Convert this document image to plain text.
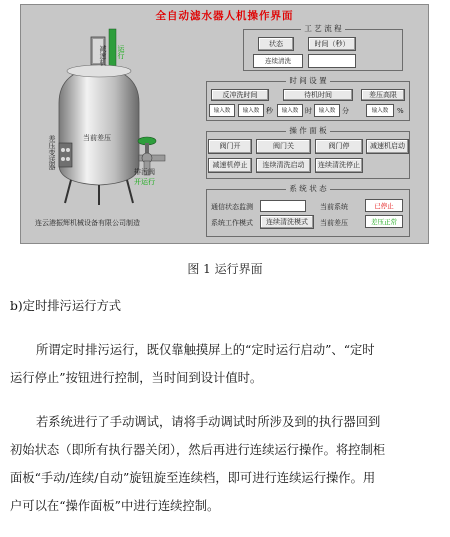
全自动滤水器人机操作界面
减速机 运行
差压变送器	当前差压
排污阀
开运行
连云港振辉机械设备有限公司制造
工 艺 流 程
状态	时间（秒）
连续清洗
时 间 设 置
反冲洗时间	待机时间	差压高限
输入数	输入数 秒	输入数 时	输入数 分	输入数	%
操 作 面 板
阀门开	阀门关	阀门停	减速机启动
减速机停止	连续清洗启动	连续清洗停止
系 统 状 态
通信状态监测	当前系统	已停止
系统工作模式	连续清洗模式	当前差压	差压正常
图 1 运行界面
b)定时排污运行方式
所谓定时排污运行，既仅靠触摸屏上的“定时运行启动”、“定时
运行停止”按钮进行控制，当时间到设计值时。
若系统进行了手动调试，请将手动调试时所涉及到的执行器回到
初始状态（即所有执行器关闭），然后再进行连续运行操作。将控制柜
面板“手动/连续/自动”旋钮旋至连续档，即可进行连续运行操作。用
户可以在“操作面板”中进行连续控制。
